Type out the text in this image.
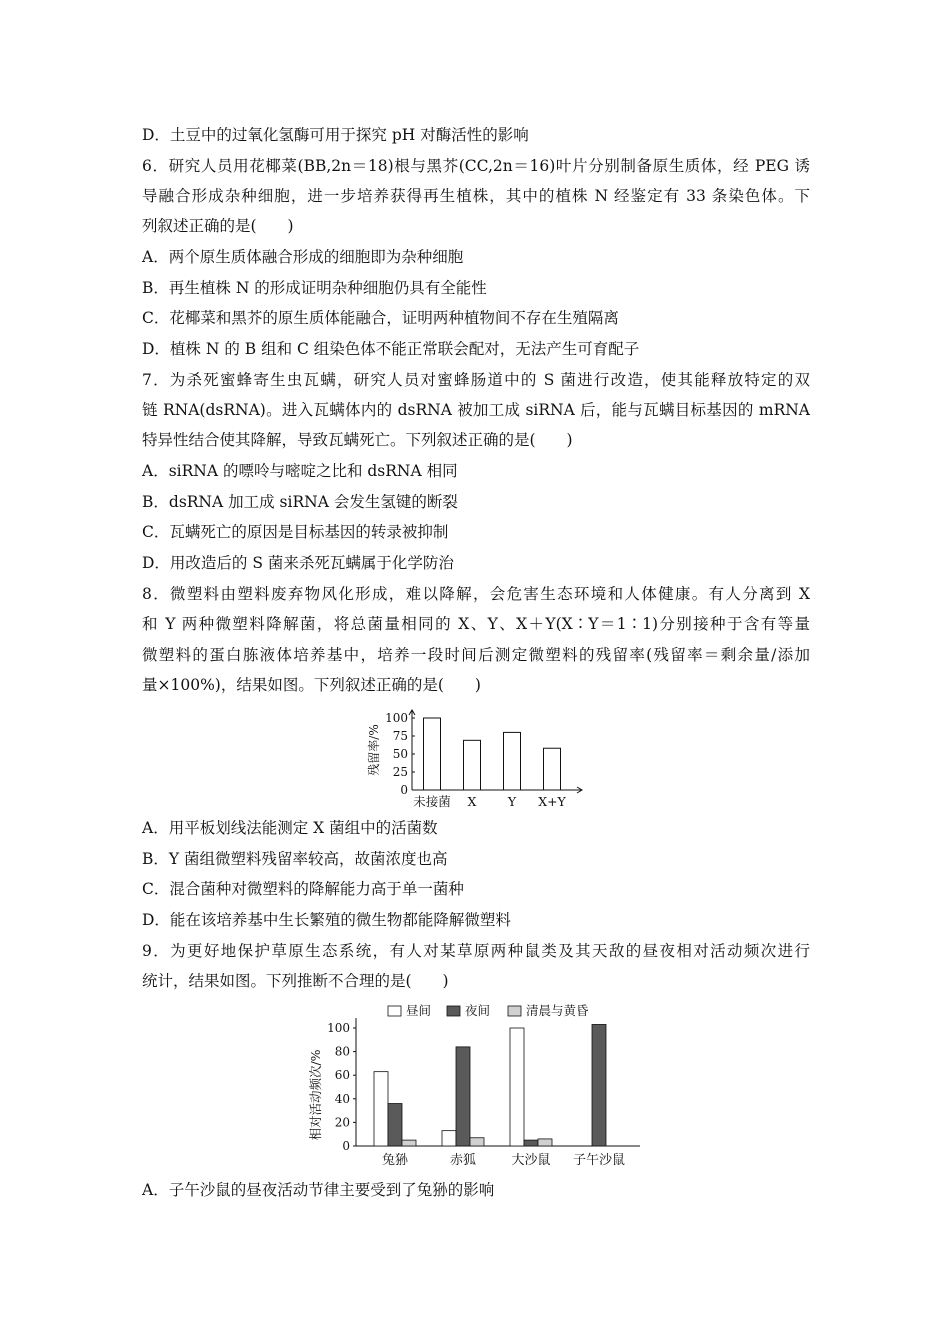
D．土豆中的过氧化氢酶可用于探究 pH 对酶活性的影响
6．研究人员用花椰菜(BB,2n＝18)根与黑芥(CC,2n＝16)叶片分别制备原生质体，经 PEG 诱
导融合形成杂种细胞，进一步培养获得再生植株，其中的植株 N 经鉴定有 33 条染色体。下
列叙述正确的是(　　)
A．两个原生质体融合形成的细胞即为杂种细胞
B．再生植株 N 的形成证明杂种细胞仍具有全能性
C．花椰菜和黑芥的原生质体能融合，证明两种植物间不存在生殖隔离
D．植株 N 的 B 组和 C 组染色体不能正常联会配对，无法产生可育配子
7．为杀死蜜蜂寄生虫瓦螨，研究人员对蜜蜂肠道中的 S 菌进行改造，使其能释放特定的双
链 RNA(dsRNA)。进入瓦螨体内的 dsRNA 被加工成 siRNA 后，能与瓦螨目标基因的 mRNA
特异性结合使其降解，导致瓦螨死亡。下列叙述正确的是(　　)
A．siRNA 的嘌呤与嘧啶之比和 dsRNA 相同
B．dsRNA 加工成 siRNA 会发生氢键的断裂
C．瓦螨死亡的原因是目标基因的转录被抑制
D．用改造后的 S 菌来杀死瓦螨属于化学防治
8．微塑料由塑料废弃物风化形成，难以降解，会危害生态环境和人体健康。有人分离到 X
和 Y 两种微塑料降解菌，将总菌量相同的 X、Y、X＋Y(X∶Y＝1∶1)分别接种于含有等量
微塑料的蛋白胨液体培养基中，培养一段时间后测定微塑料的残留率(残留率＝剩余量/添加
量×100%)，结果如图。下列叙述正确的是(　　)
0
25
50
75
100
残留率/%
未接菌 X	Y X+Y
A．用平板划线法能测定 X 菌组中的活菌数
B．Y 菌组微塑料残留率较高，故菌浓度也高
C．混合菌种对微塑料的降解能力高于单一菌种
D．能在该培养基中生长繁殖的微生物都能降解微塑料
9．为更好地保护草原生态系统，有人对某草原两种鼠类及其天敌的昼夜相对活动频次进行
统计，结果如图。下列推断不合理的是(　　)
0
20
40
60
80
100
相对活动频次/%
兔狲	赤狐	大沙鼠 子午沙鼠
昼间	夜间	清晨与黄昏
A．子午沙鼠的昼夜活动节律主要受到了兔狲的影响
